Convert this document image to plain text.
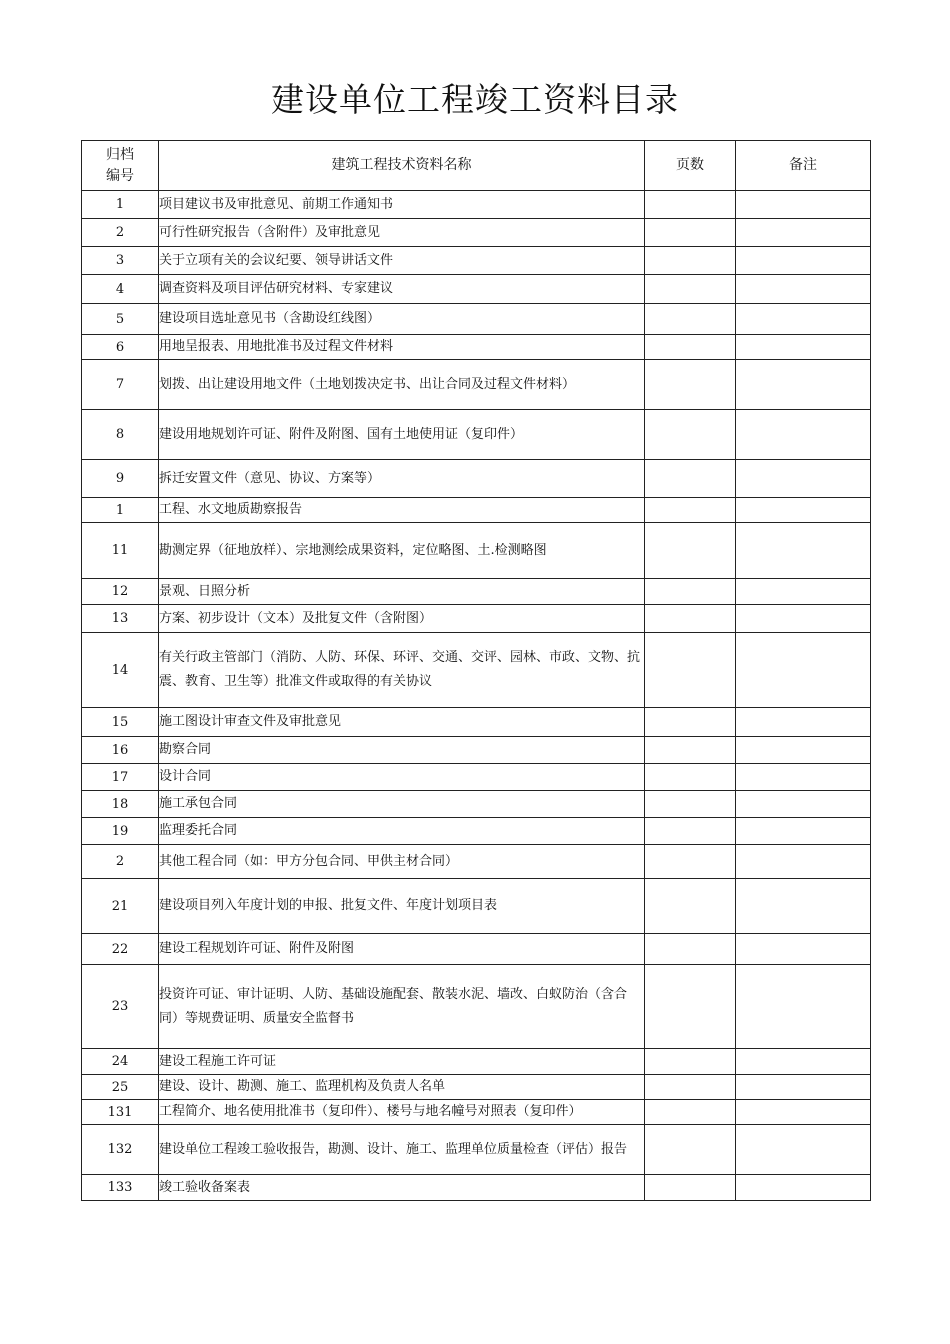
建设单位工程竣工资料目录
归档
编号	建筑工程技术资料名称	页数	备注
1	项目建议书及审批意见、前期工作通知书		
2	可行性研究报告（含附件）及审批意见		
3	关于立项有关的会议纪要、领导讲话文件		
4	调查资料及项目评估研究材料、专家建议		
5	建设项目选址意见书（含勘设红线图）		
6	用地呈报表、用地批准书及过程文件材料		
7	划拨、出让建设用地文件（土地划拨决定书、出让合同及过程文件材料）		
8	建设用地规划许可证、附件及附图、国有土地使用证（复印件）		
9	拆迁安置文件（意见、协议、方案等）		
1	工程、水文地质勘察报告		
11	勘测定界（征地放样）、宗地测绘成果资料，定位略图、土.检测略图		
12	景观、日照分析		
13	方案、初步设计（文本）及批复文件（含附图）		
14	有关行政主管部门（消防、人防、环保、环评、交通、交评、园林、市政、文物、抗震、教育、卫生等）批准文件或取得的有关协议		
15	施工图设计审查文件及审批意见		
16	勘察合同		
17	设计合同		
18	施工承包合同		
19	监理委托合同		
2	其他工程合同（如：甲方分包合同、甲供主材合同）		
21	建设项目列入年度计划的申报、批复文件、年度计划项目表		
22	建设工程规划许可证、附件及附图		
23	投资许可证、审计证明、人防、基础设施配套、散装水泥、墙改、白蚁防治（含合同）等规费证明、质量安全监督书		
24	建设工程施工许可证		
25	建设、设计、勘测、施工、监理机构及负责人名单		
131	工程简介、地名使用批准书（复印件）、楼号与地名幢号对照表（复印件）		
132	建设单位工程竣工验收报告，勘测、设计、施工、监理单位质量检查（评估）报告		
133	竣工验收备案表		
